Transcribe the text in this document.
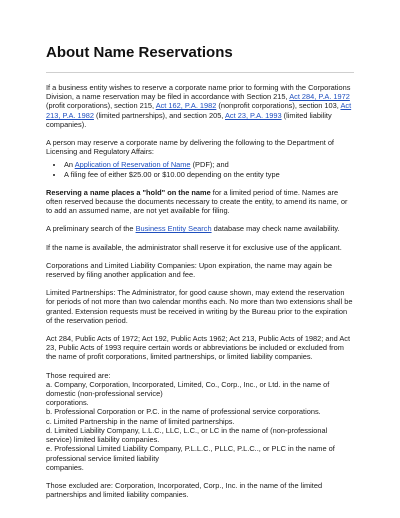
About Name Reservations

If a business entity wishes to reserve a corporate name prior to forming with the Corporations Division, a name reservation may be filed in accordance with Section 215, Act 284, P.A. 1972 (profit corporations), section 215, Act 162, P.A. 1982 (nonprofit corporations), section 103, Act 213, P.A. 1982 (limited partnerships), and section 205, Act 23, P.A. 1993 (limited liability companies).

A person may reserve a corporate name by delivering the following to the Department of Licensing and Regulatory Affairs:

• An Application of Reservation of Name (PDF); and
• A filing fee of either $25.00 or $10.00 depending on the entity type

Reserving a name places a "hold" on the name for a limited period of time. Names are often reserved because the documents necessary to create the entity, to amend its name, or to add an assumed name, are not yet available for filing.

A preliminary search of the Business Entity Search database may check name availability.

If the name is available, the administrator shall reserve it for exclusive use of the applicant.

Corporations and Limited Liability Companies: Upon expiration, the name may again be reserved by filing another application and fee.

Limited Partnerships: The Administrator, for good cause shown, may extend the reservation for periods of not more than two calendar months each. No more than two extensions shall be granted. Extension requests must be received in writing by the Bureau prior to the expiration of the reservation period.

Act 284, Public Acts of 1972; Act 192, Public Acts 1962; Act 213, Public Acts of 1982; and Act 23, Public Acts of 1993 require certain words or abbreviations be included or excluded from the name of profit corporations, limited partnerships, or limited liability companies.

Those required are:
a. Company, Corporation, Incorporated, Limited, Co., Corp., Inc., or Ltd. in the name of domestic (non-professional service)
corporations.
b. Professional Corporation or P.C. in the name of professional service corporations.
c. Limited Partnership in the name of limited partnerships.
d. Limited Liability Company, L.L.C., LLC, L.C., or LC in the name of (non-professional service) limited liability companies.
e. Professional Limited Liability Company, P.L.L.C., PLLC, P.L.C.., or PLC in the name of professional service limited liability
companies.

Those excluded are: Corporation, Incorporated, Corp., Inc. in the name of the limited partnerships and limited liability companies.
